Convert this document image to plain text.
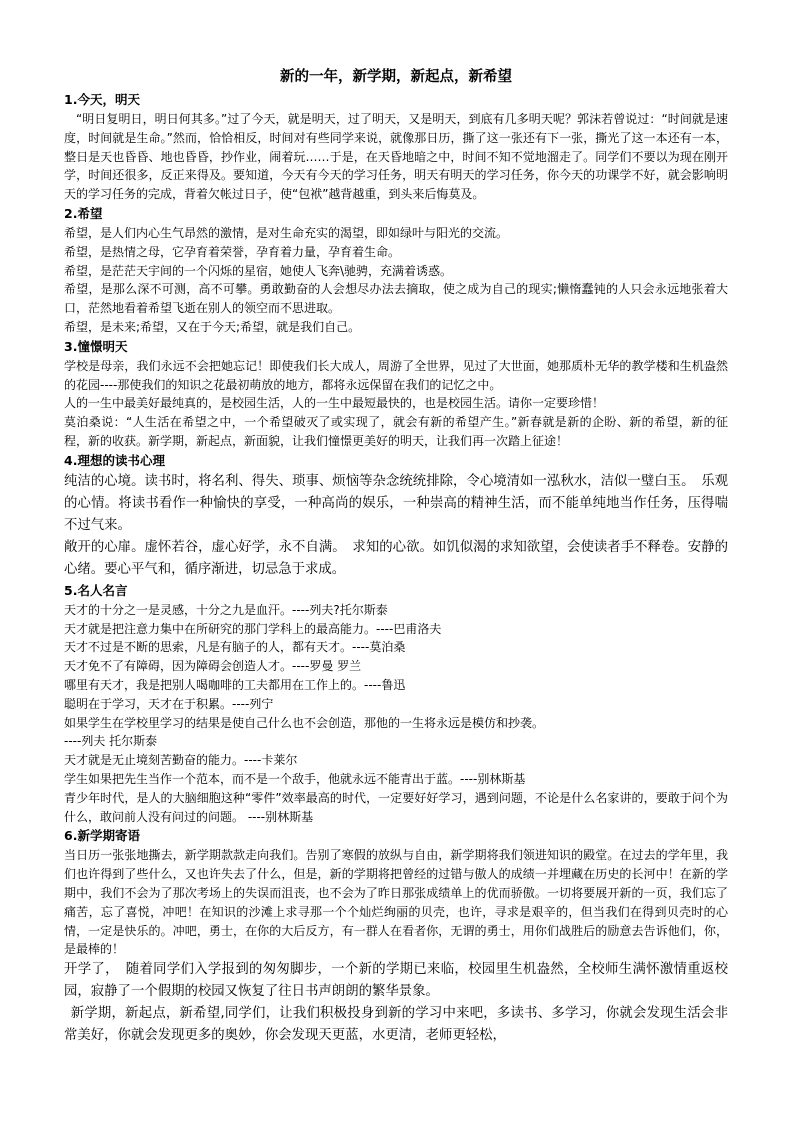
新的一年，新学期，新起点，新希望
1.今天，明天

“明日复明日，明日何其多。”过了今天，就是明天，过了明天，又是明天，到底有几多明天呢？郭沫若曾说过：“时间就是速度，时间就是生命。”然而，恰恰相反，时间对有些同学来说，就像那日历，撕了这一张还有下一张，撕光了这一本还有一本，整日是天也昏昏、地也昏昏，抄作业，闹着玩……于是，在天昏地暗之中，时间不知不觉地溜走了。同学们不要以为现在刚开学，时间还很多，反正来得及。要知道，今天有今天的学习任务，明天有明天的学习任务，你今天的功课学不好，就会影响明天的学习任务的完成，背着欠帐过日子，使“包袱”越背越重，到头来后悔莫及。

2.希望

希望，是人们内心生气昂然的激情，是对生命充实的渴望，即如绿叶与阳光的交流。

希望，是热情之母，它孕育着荣誉，孕育着力量，孕育着生命。

希望，是茫茫天宇间的一个闪烁的星宿，她使人飞奔\驰骋，充满着诱惑。

希望，是那么深不可测，高不可攀。勇敢勤奋的人会想尽办法去摘取，使之成为自己的现实;懒惰蠢钝的人只会永远地张着大口，茫然地看着希望飞逝在别人的领空而不思进取。

希望，是未来;希望，又在于今天;希望，就是我们自己。

3.憧憬明天

学校是母亲，我们永远不会把她忘记！即使我们长大成人，周游了全世界，见过了大世面，她那质朴无华的教学楼和生机盎然的花园----那使我们的知识之花最初萌放的地方，都将永远保留在我们的记忆之中。

人的一生中最美好最纯真的，是校园生活，人的一生中最短最快的，也是校园生活。请你一定要珍惜！

莫泊桑说：“人生活在希望之中，一个希望破灭了或实现了，就会有新的希望产生。”新春就是新的企盼、新的希望，新的征程，新的收获。新学期，新起点，新面貌，让我们憧憬更美好的明天，让我们再一次踏上征途！

4.理想的读书心理

纯洁的心境。读书时，将名利、得失、琐事、烦恼等杂念统统排除，令心境清如一泓秋水，洁似一璧白玉。　乐观的心情。将读书看作一种愉快的享受，一种高尚的娱乐，一种崇高的精神生活，而不能单纯地当作任务，压得喘不过气来。

敞开的心扉。虚怀若谷，虚心好学，永不自满。　求知的心欲。如饥似渴的求知欲望，会使读者手不释卷。安静的心绪。要心平气和，循序渐进，切忌急于求成。

5.名人名言

天才的十分之一是灵感，十分之九是血汗。----列夫?托尔斯泰

天才就是把注意力集中在所研究的那门学科上的最高能力。----巴甫洛夫

天才不过是不断的思索，凡是有脑子的人，都有天才。----莫泊桑

天才免不了有障碍，因为障碍会创造人才。----罗曼 罗兰

哪里有天才，我是把别人喝咖啡的工夫都用在工作上的。----鲁迅

聪明在于学习，天才在于积累。----列宁

如果学生在学校里学习的结果是使自己什么也不会创造，那他的一生将永远是模仿和抄袭。

----列夫 托尔斯泰

天才就是无止境刻苦勤奋的能力。----卡莱尔

学生如果把先生当作一个范本，而不是一个敌手，他就永远不能青出于蓝。----别林斯基

青少年时代，是人的大脑细胞这种“零件”效率最高的时代，一定要好好学习，遇到问题，不论是什么名家讲的，要敢于问个为什么，敢问前人没有问过的问题。 ----别林斯基

6.新学期寄语

当日历一张张地撕去，新学期款款走向我们。告别了寒假的放纵与自由，新学期将我们领进知识的殿堂。在过去的学年里，我们也许得到了些什么，又也许失去了什么，但是，新的学期将把曾经的过错与傲人的成绩一并埋藏在历史的长河中！在新的学期中，我们不会为了那次考场上的失误而沮丧，也不会为了昨日那张成绩单上的优而骄傲。一切将要展开新的一页，我们忘了痛苦，忘了喜悦，冲吧！在知识的沙滩上求寻那一个个灿烂绚丽的贝壳，也许，寻求是艰辛的，但当我们在得到贝壳时的心情，一定是快乐的。冲吧，勇士，在你的大后反方，有一群人在看者你，无谓的勇士，用你们战胜后的励意去告诉他们，你，是最棒的！

开学了，　随着同学们入学报到的匆匆脚步，一个新的学期已来临，校园里生机盎然，全校师生满怀激情重返校园，寂静了一个假期的校园又恢复了往日书声朗朗的繁华景象。

新学期，新起点，新希望,同学们，让我们积极投身到新的学习中来吧，多读书、多学习，你就会发现生活会非常美好，你就会发现更多的奥妙，你会发现天更蓝，水更清，老师更轻松，
